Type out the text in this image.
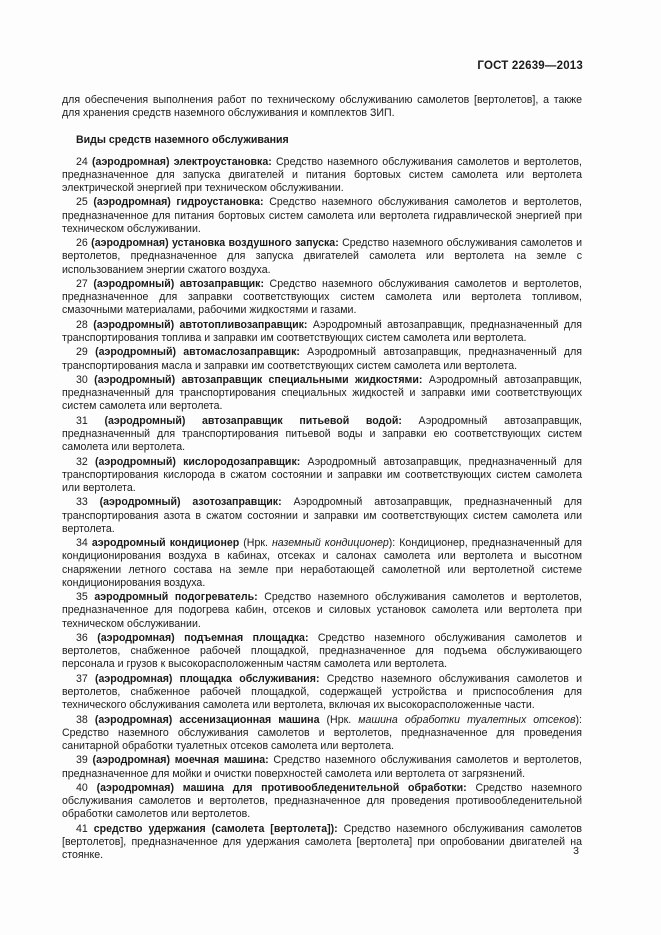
ГОСТ 22639—2013

для обеспечения выполнения работ по техническому обслуживанию самолетов [вертолетов], а также для хранения средств наземного обслуживания и комплектов ЗИП.

Виды средств наземного обслуживания

24 (аэродромная) электроустановка: Средство наземного обслуживания самолетов и вертолетов, предназначенное для запуска двигателей и питания бортовых систем самолета или вертолета электрической энергией при техническом обслуживании.

25 (аэродромная) гидроустановка: Средство наземного обслуживания самолетов и вертолетов, предназначенное для питания бортовых систем самолета или вертолета гидравлической энергией при техническом обслуживании.

26 (аэродромная) установка воздушного запуска: Средство наземного обслуживания самолетов и вертолетов, предназначенное для запуска двигателей самолета или вертолета на земле с использованием энергии сжатого воздуха.

27 (аэродромный) автозаправщик: Средство наземного обслуживания самолетов и вертолетов, предназначенное для заправки соответствующих систем самолета или вертолета топливом, смазочными материалами, рабочими жидкостями и газами.

28 (аэродромный) автотопливозаправщик: Аэродромный автозаправщик, предназначенный для транспортирования топлива и заправки им соответствующих систем самолета или вертолета.

29 (аэродромный) автомаслозаправщик: Аэродромный автозаправщик, предназначенный для транспортирования масла и заправки им соответствующих систем самолета или вертолета.

30 (аэродромный) автозаправщик специальными жидкостями: Аэродромный автозаправщик, предназначенный для транспортирования специальных жидкостей и заправки ими соответствующих систем самолета или вертолета.

31 (аэродромный) автозаправщик питьевой водой: Аэродромный автозаправщик, предназначенный для транспортирования питьевой воды и заправки ею соответствующих систем самолета или вертолета.

32 (аэродромный) кислородозаправщик: Аэродромный автозаправщик, предназначенный для транспортирования кислорода в сжатом состоянии и заправки им соответствующих систем самолета или вертолета.

33 (аэродромный) азотозаправщик: Аэродромный автозаправщик, предназначенный для транспортирования азота в сжатом состоянии и заправки им соответствующих систем самолета или вертолета.

34 аэродромный кондиционер (Нрк. наземный кондиционер): Кондиционер, предназначенный для кондиционирования воздуха в кабинах, отсеках и салонах самолета или вертолета и высотном снаряжении летного состава на земле при неработающей самолетной или вертолетной системе кондиционирования воздуха.

35 аэродромный подогреватель: Средство наземного обслуживания самолетов и вертолетов, предназначенное для подогрева кабин, отсеков и силовых установок самолета или вертолета при техническом обслуживании.

36 (аэродромная) подъемная площадка: Средство наземного обслуживания самолетов и вертолетов, снабженное рабочей площадкой, предназначенное для подъема обслуживающего персонала и грузов к высокорасположенным частям самолета или вертолета.

37 (аэродромная) площадка обслуживания: Средство наземного обслуживания самолетов и вертолетов, снабженное рабочей площадкой, содержащей устройства и приспособления для технического обслуживания самолета или вертолета, включая их высокорасположенные части.

38 (аэродромная) ассенизационная машина (Нрк. машина обработки туалетных отсеков): Средство наземного обслуживания самолетов и вертолетов, предназначенное для проведения санитарной обработки туалетных отсеков самолета или вертолета.

39 (аэродромная) моечная машина: Средство наземного обслуживания самолетов и вертолетов, предназначенное для мойки и очистки поверхностей самолета или вертолета от загрязнений.

40 (аэродромная) машина для противообледенительной обработки: Средство наземного обслуживания самолетов и вертолетов, предназначенное для проведения противообледенительной обработки самолетов или вертолетов.

41 средство удержания (самолета [вертолета]): Средство наземного обслуживания самолетов [вертолетов], предназначенное для удержания самолета [вертолета] при опробовании двигателей на стоянке.	3
